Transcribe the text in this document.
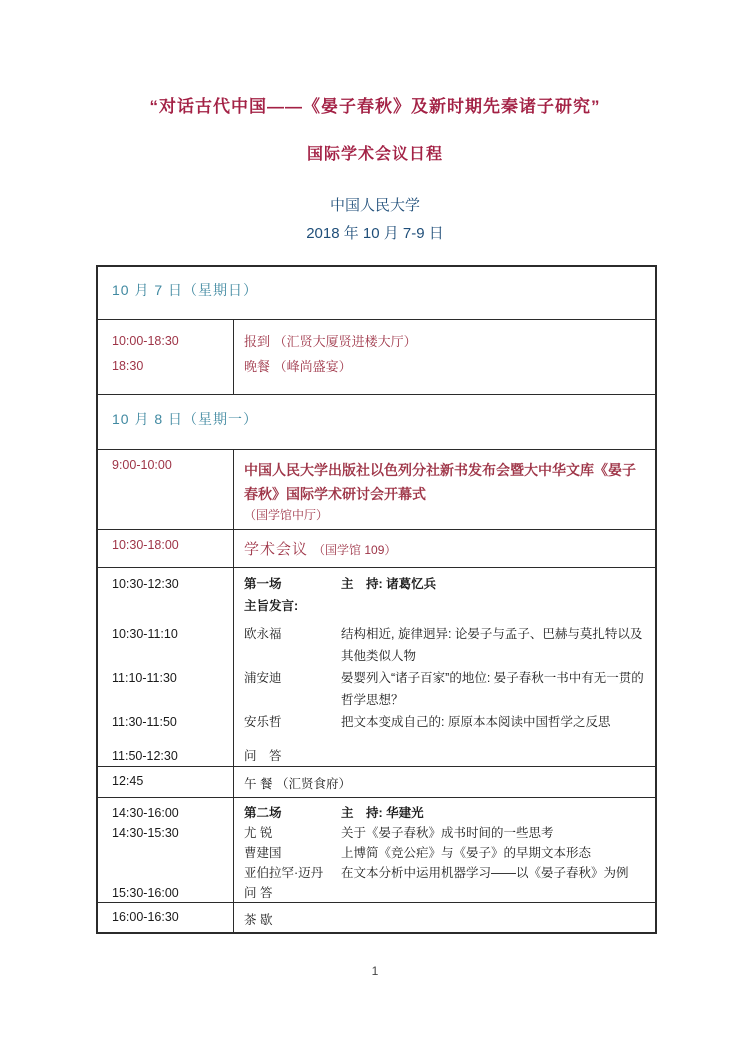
“对话古代中国——《晏子春秋》及新时期先秦诸子研究”
国际学术会议日程
中国人民大学
2018 年 10 月 7-9 日
10 月 7 日（星期日）
10:00-18:30	报到 （汇贤大厦贤进楼大厅）
18:30	晚餐 （峰尚盛宴）
10 月 8 日（星期一）
9:00-10:00	中国人民大学出版社以色列分社新书发布会暨大中华文库《晏子春秋》国际学术研讨会开幕式
（国学馆中厅）
10:30-18:00	学术会议 （国学馆 109）
10:30-12:30	第一场	主　持: 诸葛忆兵
主旨发言:
10:30-11:10	欧永福	结构相近, 旋律迥异: 论晏子与孟子、巴赫与莫扎特以及其他类似人物
11:10-11:30	浦安迪	晏婴列入“诸子百家”的地位: 晏子春秋一书中有无一贯的哲学思想？
11:30-11:50	安乐哲	把文本变成自己的: 原原本本阅读中国哲学之反思
11:50-12:30	问　答
12:45	午 餐 （汇贤食府）
14:30-16:00	第二场	主　持: 华建光
14:30-15:30	尤 锐	关于《晏子春秋》成书时间的一些思考
曹建国	上博简《竞公疟》与《晏子》的早期文本形态
亚伯拉罕·迈丹	在文本分析中运用机器学习——以《晏子春秋》为例
15:30-16:00	问 答
16:00-16:30	茶 歇
1
